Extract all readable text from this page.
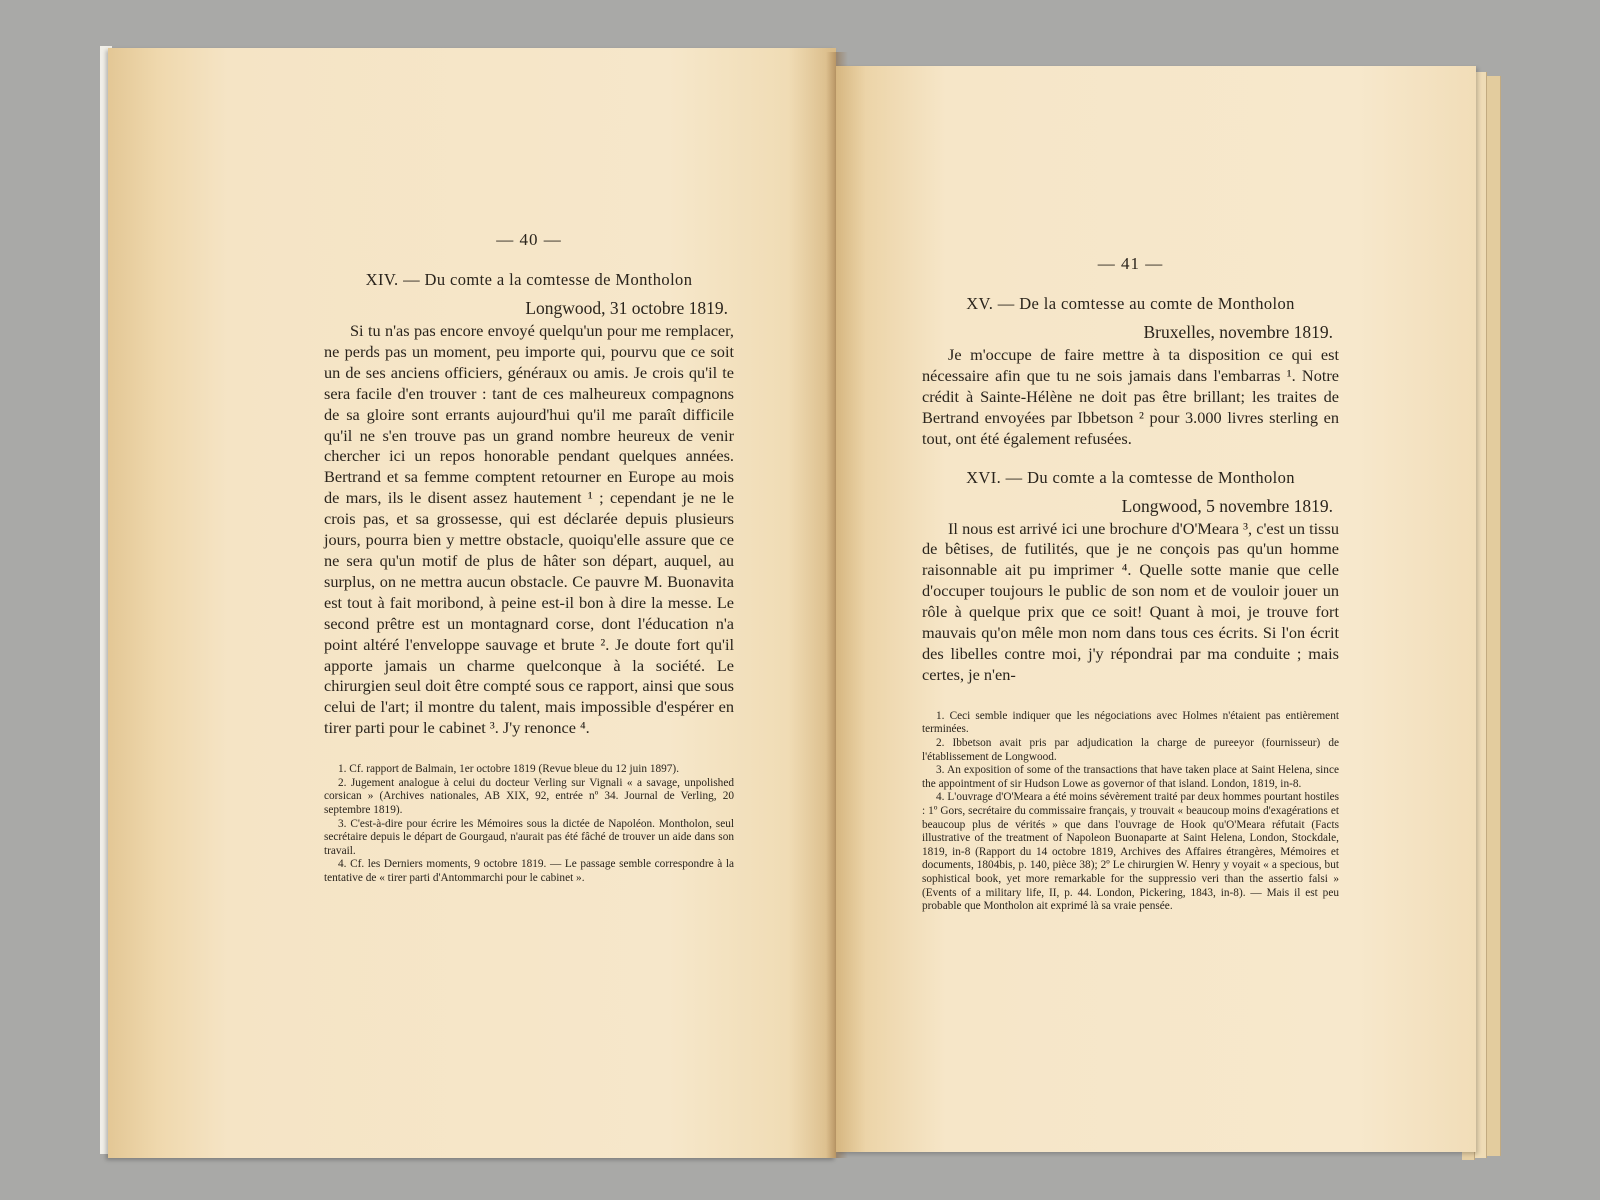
— 40 —
XIV. — Du comte a la comtesse de Montholon
Longwood, 31 octobre 1819.

Si tu n'as pas encore envoyé quelqu'un pour me remplacer, ne perds pas un moment, peu importe qui, pourvu que ce soit un de ses anciens officiers, généraux ou amis. Je crois qu'il te sera facile d'en trouver : tant de ces malheureux compagnons de sa gloire sont errants aujourd'hui qu'il me paraît difficile qu'il ne s'en trouve pas un grand nombre heureux de venir chercher ici un repos honorable pendant quelques années. Bertrand et sa femme comptent retourner en Europe au mois de mars, ils le disent assez hautement ¹ ; cependant je ne le crois pas, et sa grossesse, qui est déclarée depuis plusieurs jours, pourra bien y mettre obstacle, quoiqu'elle assure que ce ne sera qu'un motif de plus de hâter son départ, auquel, au surplus, on ne mettra aucun obstacle. Ce pauvre M. Buonavita est tout à fait moribond, à peine est-il bon à dire la messe. Le second prêtre est un montagnard corse, dont l'éducation n'a point altéré l'enveloppe sauvage et brute ². Je doute fort qu'il apporte jamais un charme quelconque à la société. Le chirurgien seul doit être compté sous ce rapport, ainsi que sous celui de l'art; il montre du talent, mais impossible d'espérer en tirer parti pour le cabinet ³. J'y renonce ⁴.

1. Cf. rapport de Balmain, 1er octobre 1819 (Revue bleue du 12 juin 1897).

2. Jugement analogue à celui du docteur Verling sur Vignali « a savage, unpolished corsican » (Archives nationales, AB XIX, 92, entrée nº 34. Journal de Verling, 20 septembre 1819).

3. C'est-à-dire pour écrire les Mémoires sous la dictée de Napoléon. Montholon, seul secrétaire depuis le départ de Gourgaud, n'aurait pas été fâché de trouver un aide dans son travail.

4. Cf. les Derniers moments, 9 octobre 1819. — Le passage semble correspondre à la tentative de « tirer parti d'Antommarchi pour le cabinet ».

— 41 —
XV. — De la comtesse au comte de Montholon
Bruxelles, novembre 1819.

Je m'occupe de faire mettre à ta disposition ce qui est nécessaire afin que tu ne sois jamais dans l'embarras ¹. Notre crédit à Sainte-Hélène ne doit pas être brillant; les traites de Bertrand envoyées par Ibbetson ² pour 3.000 livres sterling en tout, ont été également refusées.

XVI. — Du comte a la comtesse de Montholon
Longwood, 5 novembre 1819.

Il nous est arrivé ici une brochure d'O'Meara ³, c'est un tissu de bêtises, de futilités, que je ne conçois pas qu'un homme raisonnable ait pu imprimer ⁴. Quelle sotte manie que celle d'occuper toujours le public de son nom et de vouloir jouer un rôle à quelque prix que ce soit! Quant à moi, je trouve fort mauvais qu'on mêle mon nom dans tous ces écrits. Si l'on écrit des libelles contre moi, j'y répondrai par ma conduite ; mais certes, je n'en-

1. Ceci semble indiquer que les négociations avec Holmes n'étaient pas entièrement terminées.

2. Ibbetson avait pris par adjudication la charge de pureeyor (fournisseur) de l'établissement de Longwood.

3. An exposition of some of the transactions that have taken place at Saint Helena, since the appointment of sir Hudson Lowe as governor of that island. London, 1819, in-8.

4. L'ouvrage d'O'Meara a été moins sévèrement traité par deux hommes pourtant hostiles : 1º Gors, secrétaire du commissaire français, y trouvait « beaucoup moins d'exagérations et beaucoup plus de vérités » que dans l'ouvrage de Hook qu'O'Meara réfutait (Facts illustrative of the treatment of Napoleon Buonaparte at Saint Helena, London, Stockdale, 1819, in-8 (Rapport du 14 octobre 1819, Archives des Affaires étrangères, Mémoires et documents, 1804bis, p. 140, pièce 38); 2º Le chirurgien W. Henry y voyait « a specious, but sophistical book, yet more remarkable for the suppressio veri than the assertio falsi » (Events of a military life, II, p. 44. London, Pickering, 1843, in-8). — Mais il est peu probable que Montholon ait exprimé là sa vraie pensée.
